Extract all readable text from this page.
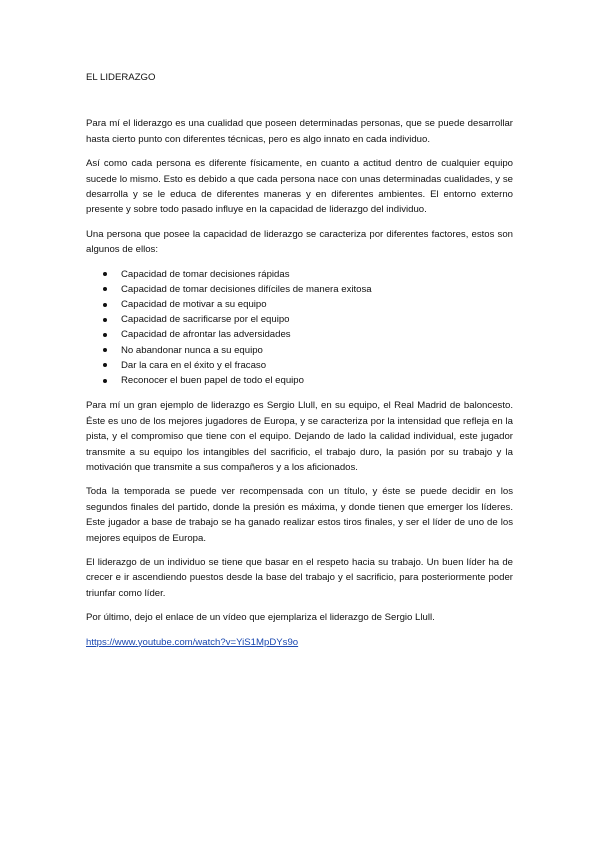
EL LIDERAZGO

Para mí el liderazgo es una cualidad que poseen determinadas personas, que se puede desarrollar hasta cierto punto con diferentes técnicas, pero es algo innato en cada individuo.

Así como cada persona es diferente físicamente, en cuanto a actitud dentro de cualquier equipo sucede lo mismo. Esto es debido a que cada persona nace con unas determinadas cualidades, y se desarrolla y se le educa de diferentes maneras y en diferentes ambientes. El entorno externo presente y sobre todo pasado influye en la capacidad de liderazgo del individuo.

Una persona que posee la capacidad de liderazgo se caracteriza por diferentes factores, estos son algunos de ellos:

Capacidad de tomar decisiones rápidas
Capacidad de tomar decisiones difíciles de manera exitosa
Capacidad de motivar a su equipo
Capacidad de sacrificarse por el equipo
Capacidad de afrontar las adversidades
No abandonar nunca a su equipo
Dar la cara en el éxito y el fracaso
Reconocer el buen papel de todo el equipo

Para mí un gran ejemplo de liderazgo es Sergio Llull, en su equipo, el Real Madrid de baloncesto. Éste es uno de los mejores jugadores de Europa, y se caracteriza por la intensidad que refleja en la pista, y el compromiso que tiene con el equipo. Dejando de lado la calidad individual, este jugador transmite a su equipo los intangibles del sacrificio, el trabajo duro, la pasión por su trabajo y la motivación que transmite a sus compañeros y a los aficionados.

Toda la temporada se puede ver recompensada con un título, y éste se puede decidir en los segundos finales del partido, donde la presión es máxima, y donde tienen que emerger los líderes. Este jugador a base de trabajo se ha ganado realizar estos tiros finales, y ser el líder de uno de los mejores equipos de Europa.

El liderazgo de un individuo se tiene que basar en el respeto hacia su trabajo. Un buen líder ha de crecer e ir ascendiendo puestos desde la base del trabajo y el sacrificio, para posteriormente poder triunfar como líder.

Por último, dejo el enlace de un vídeo que ejemplariza el liderazgo de Sergio Llull.

https://www.youtube.com/watch?v=YiS1MpDYs9o
